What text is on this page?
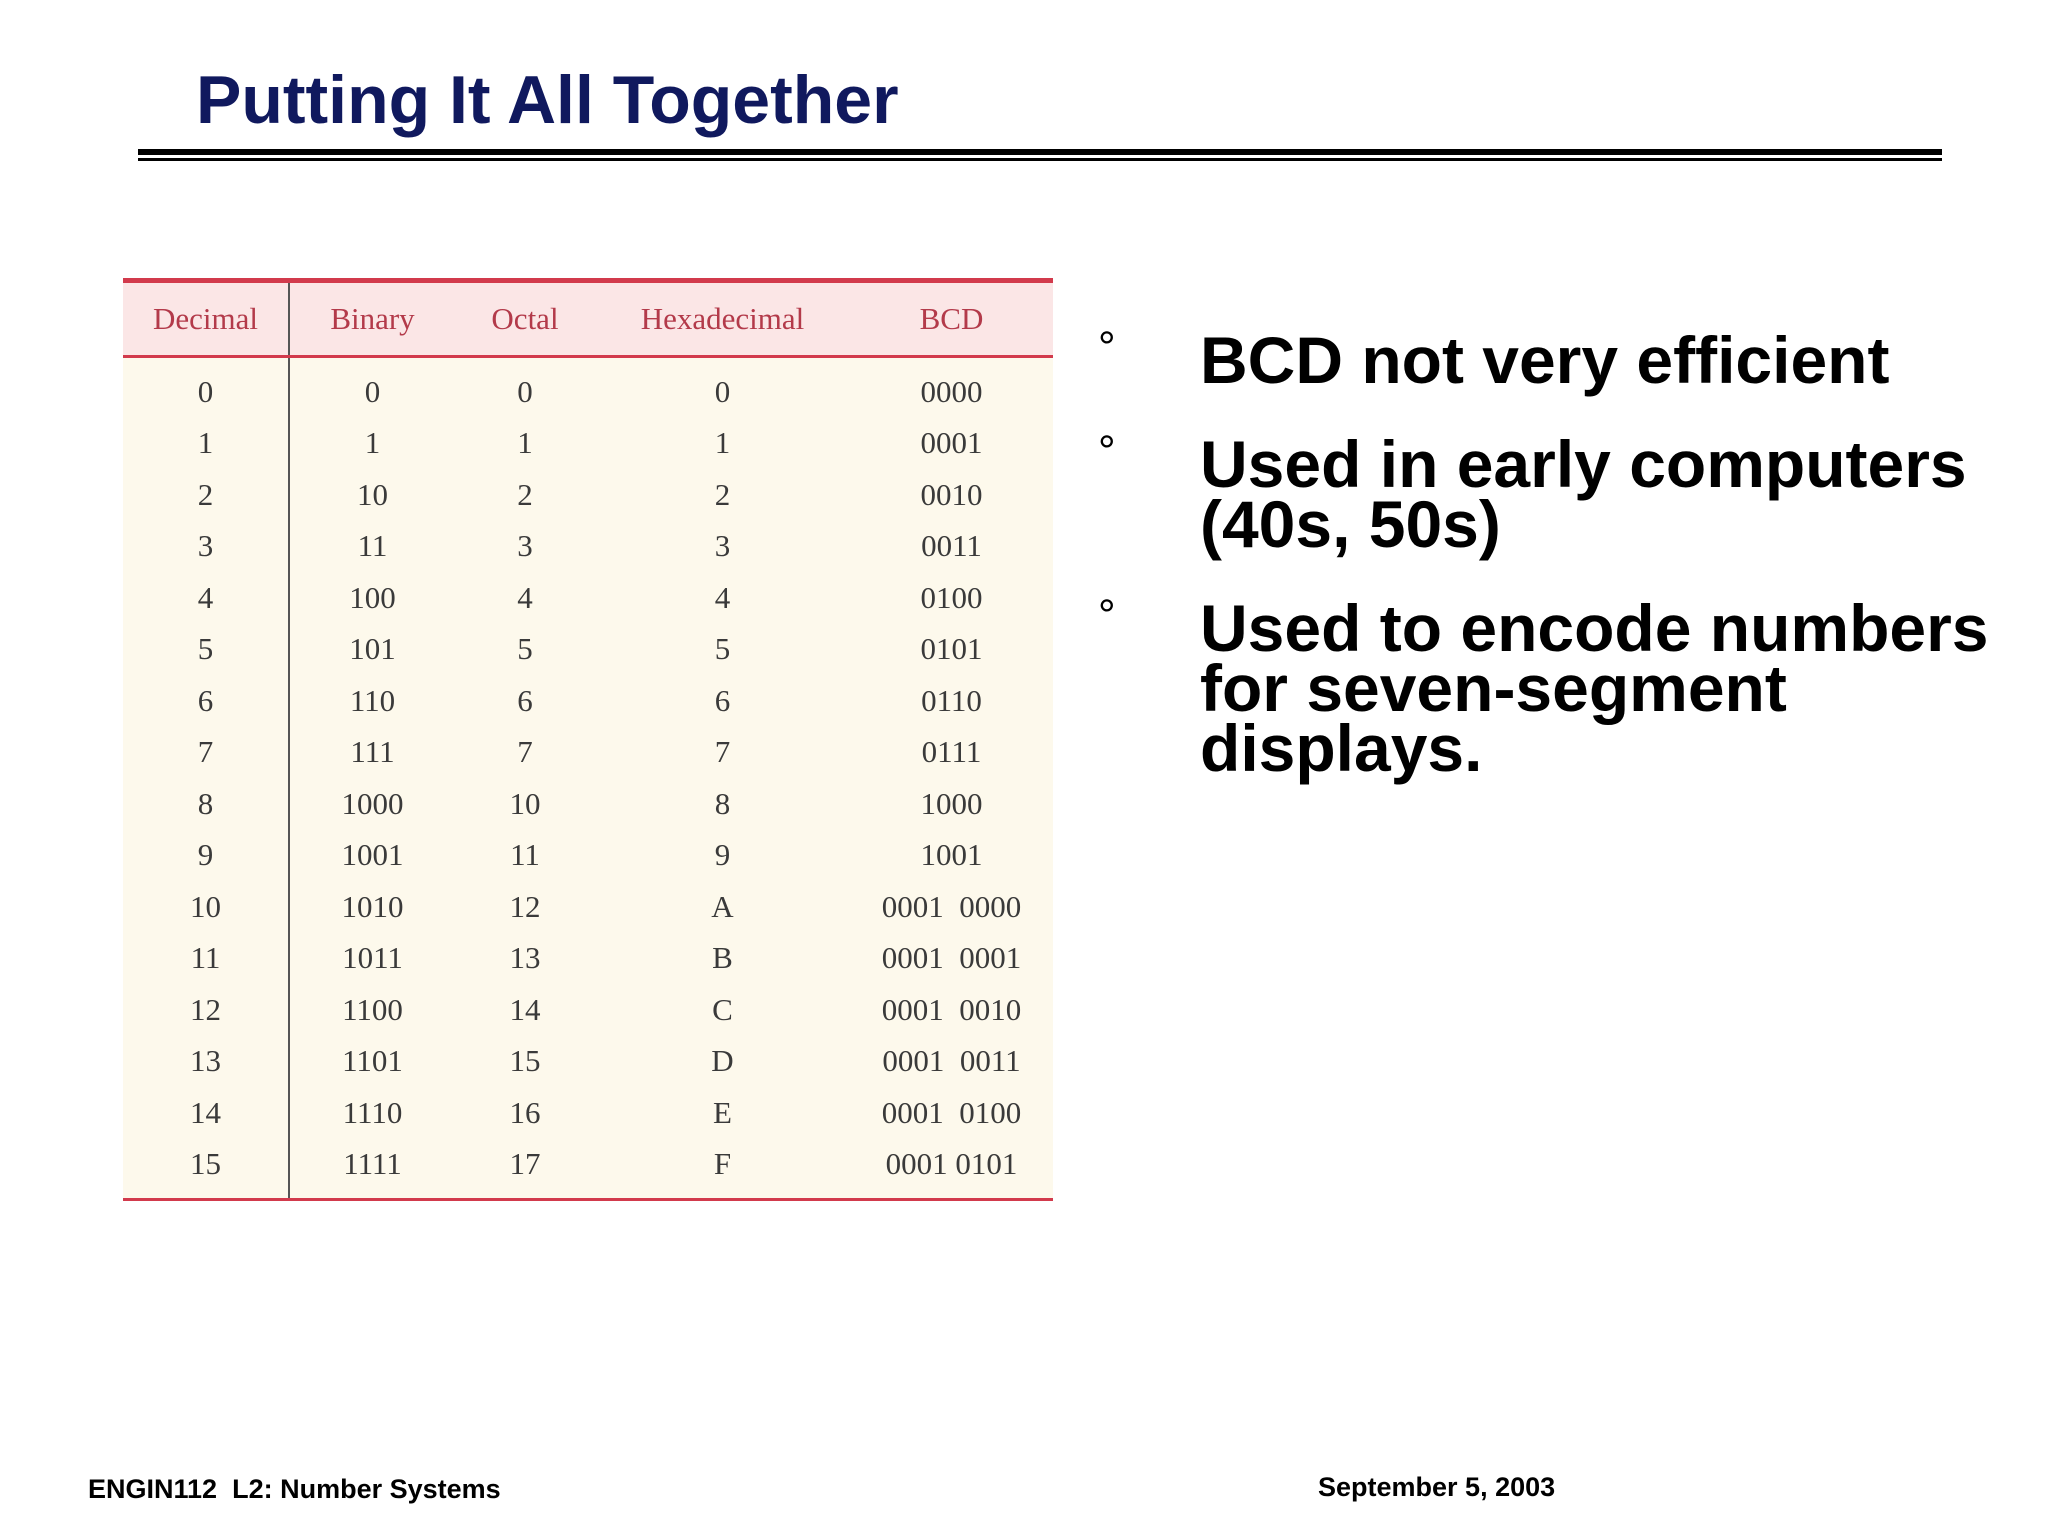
Putting It All Together
Decimal	Binary	Octal	Hexadecimal	BCD
0	0	0	0	0000
1	1	1	1	0001
2	10	2	2	0010
3	11	3	3	0011
4	100	4	4	0100
5	101	5	5	0101
6	110	6	6	0110
7	111	7	7	0111
8	1000	10	8	1000
9	1001	11	9	1001
10	1010	12	A	0001  0000
11	1011	13	B	0001  0001
12	1100	14	C	0001  0010
13	1101	15	D	0001  0011
14	1110	16	E	0001  0100
15	1111	17	F	0001 0101
° BCD not very efficient
° Used in early computers (40s, 50s)
° Used to encode numbers for seven-segment displays.
ENGIN112  L2: Number Systems	September 5, 2003
